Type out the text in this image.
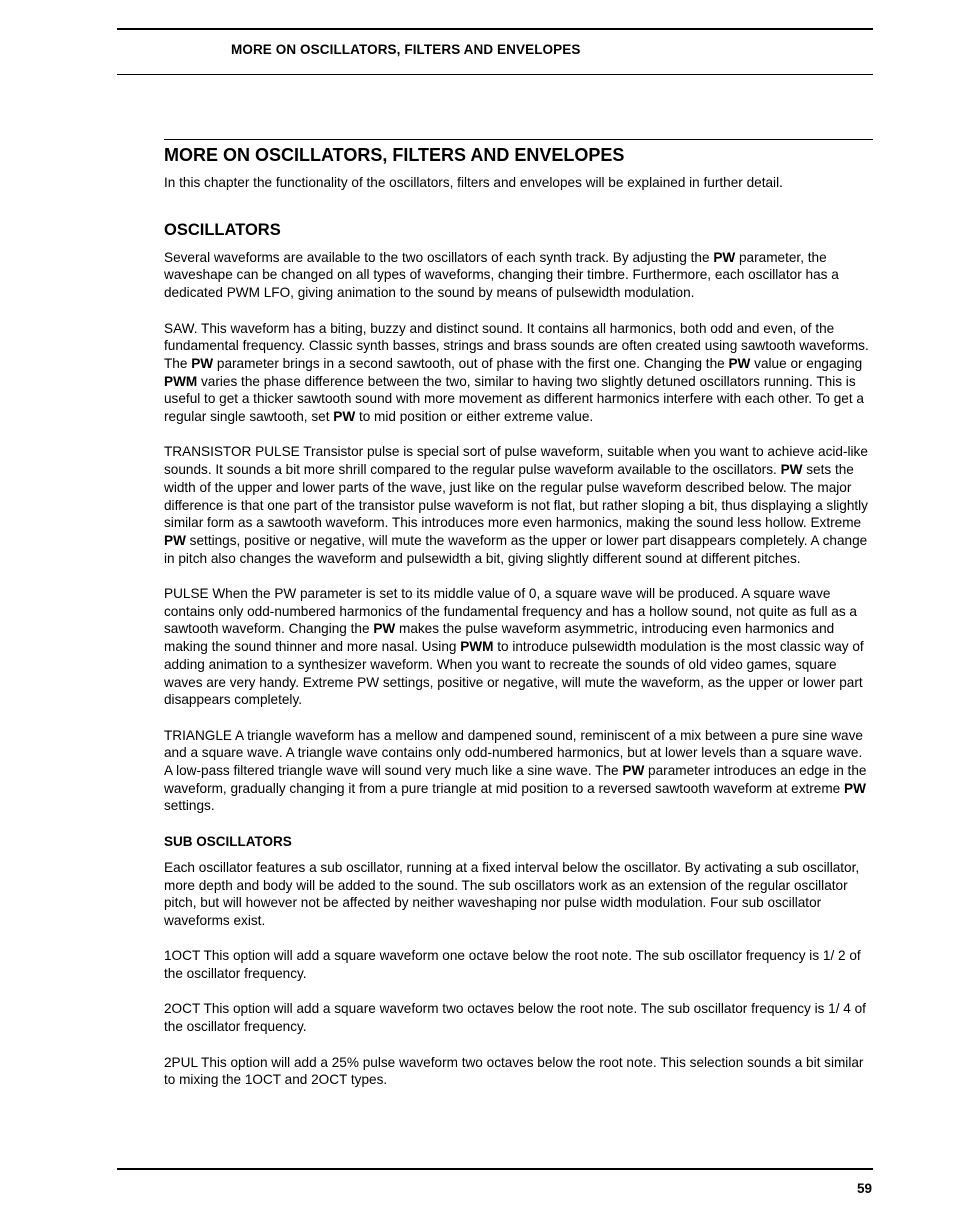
MORE ON OSCILLATORS, FILTERS AND ENVELOPES
MORE ON OSCILLATORS, FILTERS AND ENVELOPES

In this chapter the functionality of the oscillators, filters and envelopes will be explained in further detail.

OSCILLATORS

Several waveforms are available to the two oscillators of each synth track. By adjusting the PW parameter, the waveshape can be changed on all types of waveforms, changing their timbre. Furthermore, each oscillator has a dedicated PWM LFO, giving animation to the sound by means of pulsewidth modulation.

SAW. This waveform has a biting, buzzy and distinct sound. It contains all harmonics, both odd and even, of the fundamental frequency. Classic synth basses, strings and brass sounds are often created using sawtooth waveforms. The PW parameter brings in a second sawtooth, out of phase with the first one. Changing the PW value or engaging PWM varies the phase difference between the two, similar to having two slightly detuned oscillators running. This is useful to get a thicker sawtooth sound with more movement as different harmonics interfere with each other. To get a regular single sawtooth, set PW to mid position or either extreme value.

TRANSISTOR PULSE Transistor pulse is special sort of pulse waveform, suitable when you want to achieve acid-like sounds. It sounds a bit more shrill compared to the regular pulse waveform available to the oscillators. PW sets the width of the upper and lower parts of the wave, just like on the regular pulse waveform described below. The major difference is that one part of the transistor pulse waveform is not flat, but rather sloping a bit, thus displaying a slightly similar form as a sawtooth waveform. This introduces more even harmonics, making the sound less hollow. Extreme PW settings, positive or negative, will mute the waveform as the upper or lower part disappears completely. A change in pitch also changes the waveform and pulsewidth a bit, giving slightly different sound at different pitches.

PULSE When the PW parameter is set to its middle value of 0, a square wave will be produced. A square wave contains only odd-numbered harmonics of the fundamental frequency and has a hollow sound, not quite as full as a sawtooth waveform. Changing the PW makes the pulse waveform asymmetric, introducing even harmonics and making the sound thinner and more nasal. Using PWM to introduce pulsewidth modulation is the most classic way of adding animation to a synthesizer waveform. When you want to recreate the sounds of old video games, square waves are very handy. Extreme PW settings, positive or negative, will mute the waveform, as the upper or lower part disappears completely.

TRIANGLE A triangle waveform has a mellow and dampened sound, reminiscent of a mix between a pure sine wave and a square wave. A triangle wave contains only odd-numbered harmonics, but at lower levels than a square wave. A low-pass filtered triangle wave will sound very much like a sine wave. The PW parameter introduces an edge in the waveform, gradually changing it from a pure triangle at mid position to a reversed sawtooth waveform at extreme PW settings.

SUB OSCILLATORS

Each oscillator features a sub oscillator, running at a fixed interval below the oscillator. By activating a sub oscillator, more depth and body will be added to the sound. The sub oscillators work as an extension of the regular oscillator pitch, but will however not be affected by neither waveshaping nor pulse width modulation. Four sub oscillator waveforms exist.

1OCT This option will add a square waveform one octave below the root note. The sub oscillator frequency is 1/ 2 of the oscillator frequency.

2OCT This option will add a square waveform two octaves below the root note. The sub oscillator frequency is 1/ 4 of the oscillator frequency.

2PUL This option will add a 25% pulse waveform two octaves below the root note. This selection sounds a bit similar to mixing the 1OCT and 2OCT types.

59
